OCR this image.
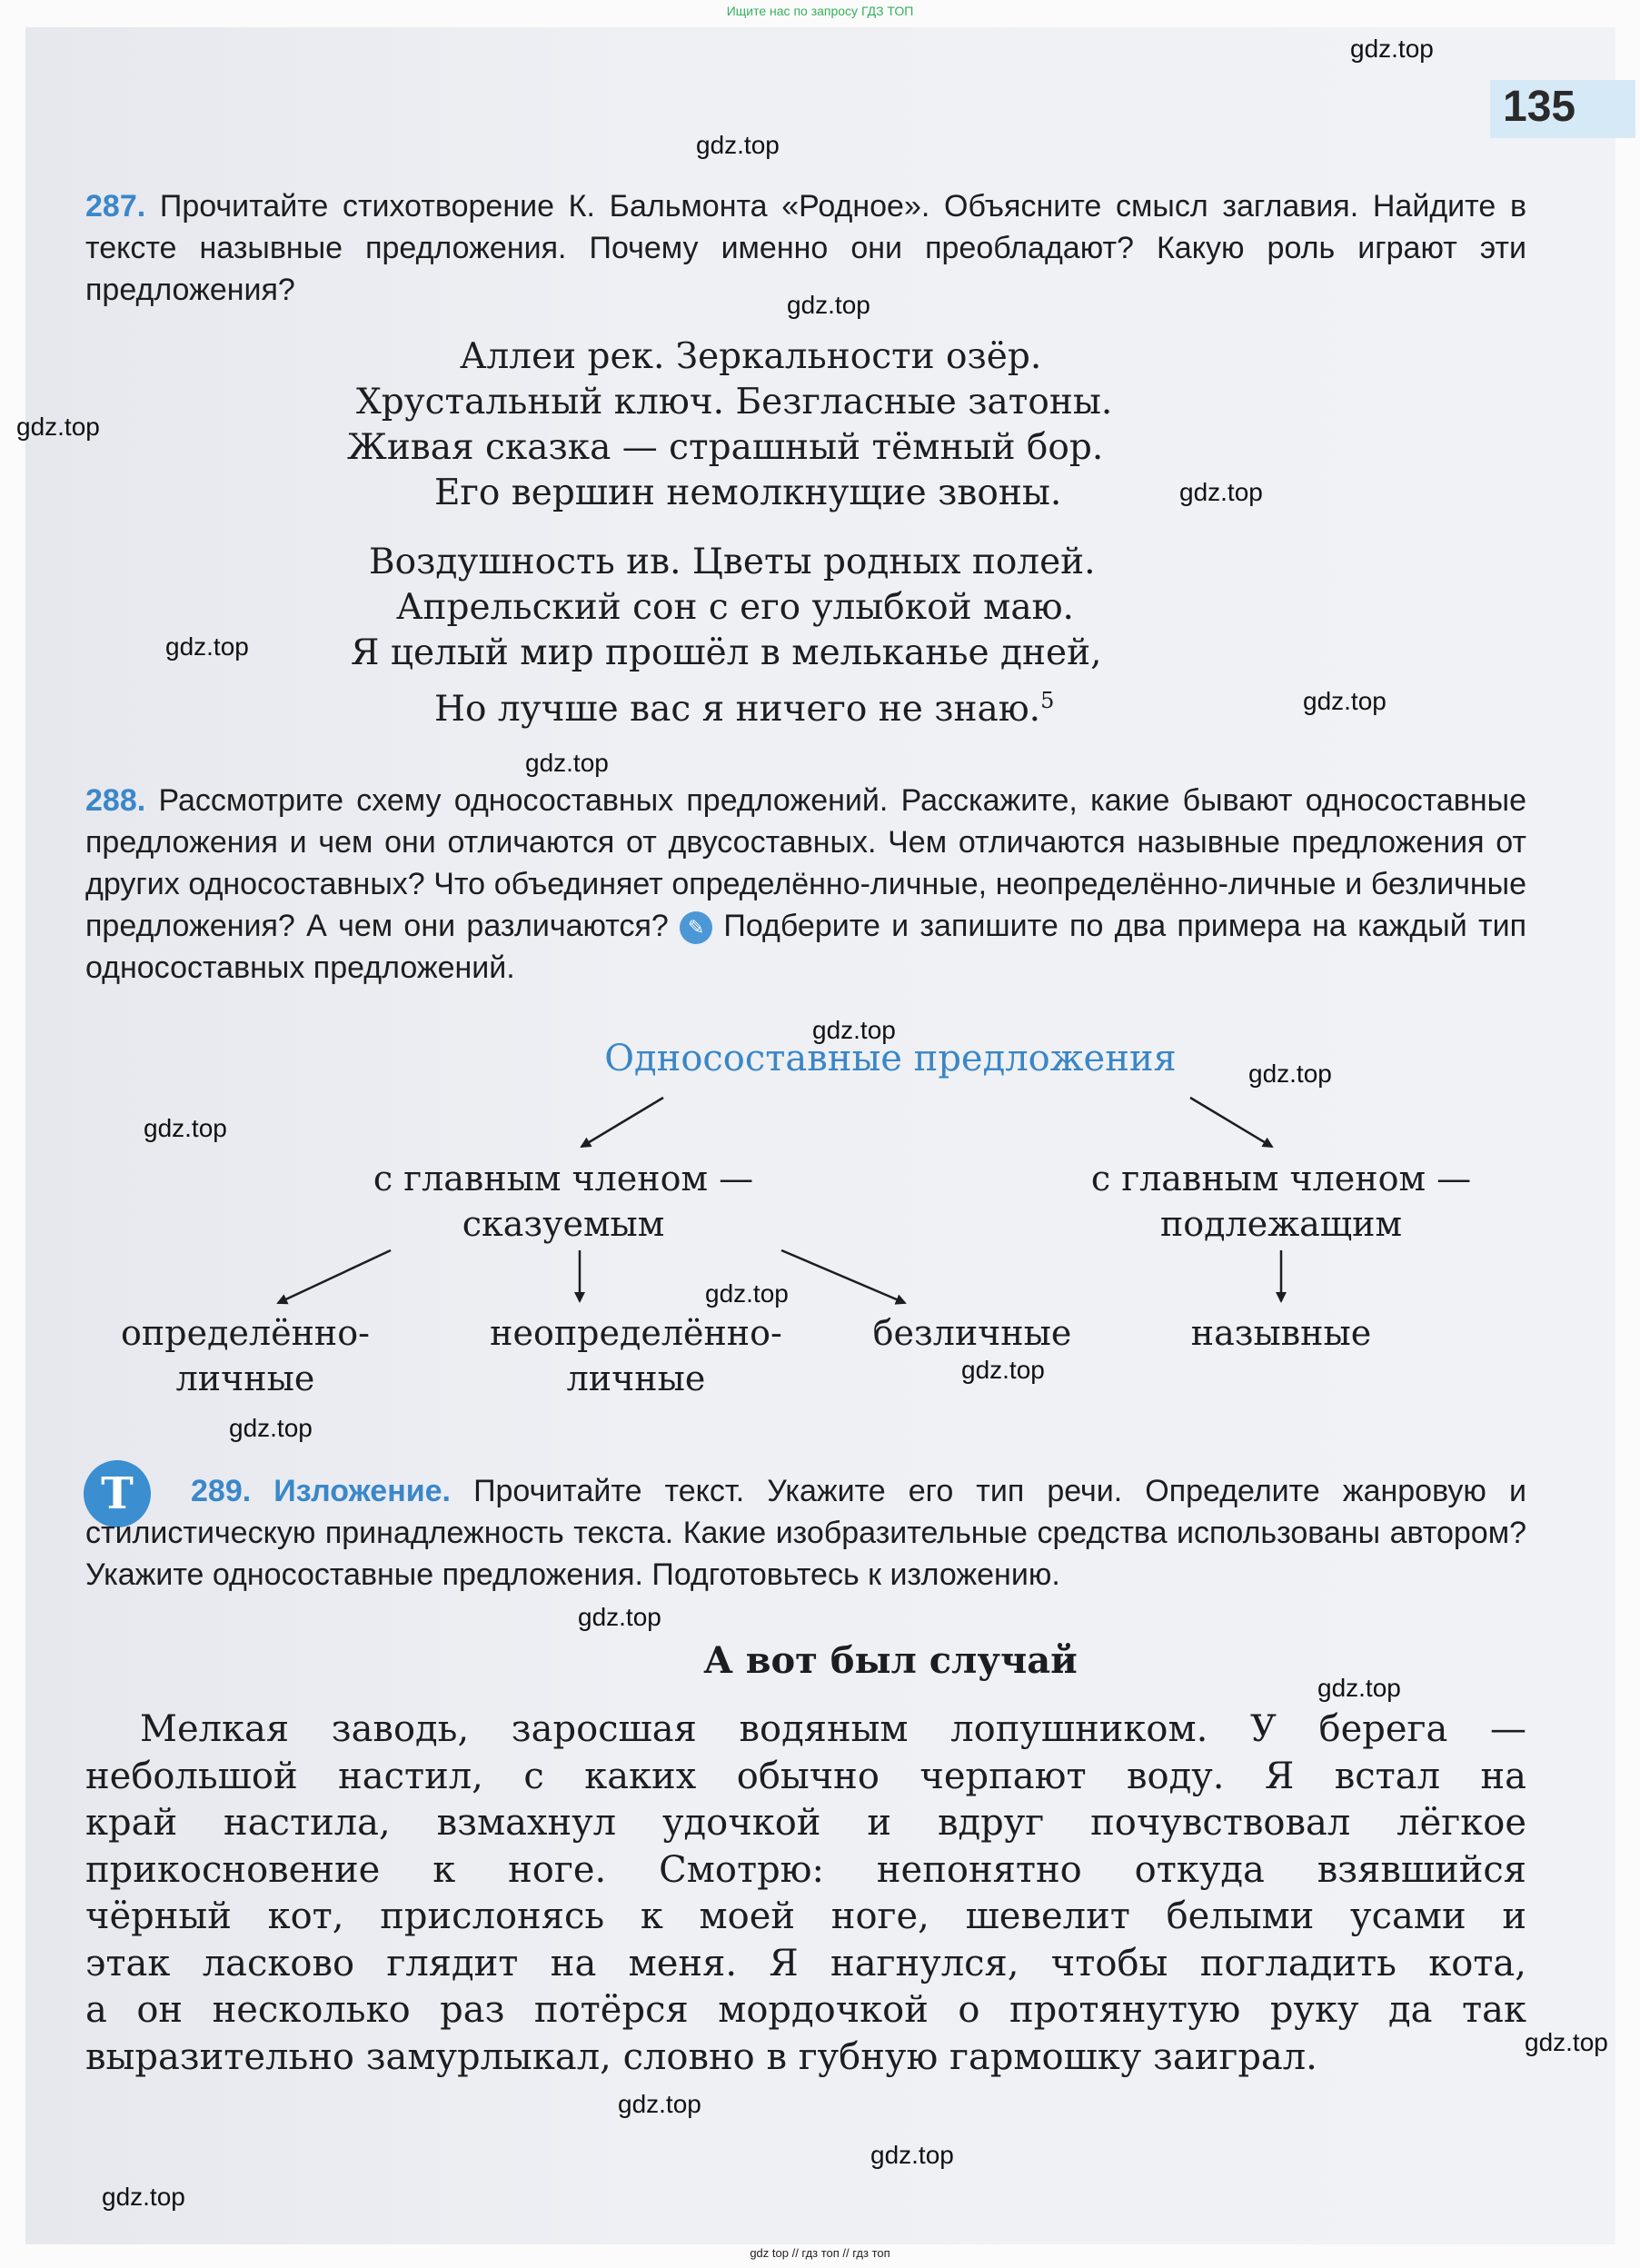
Ищите нас по запросу ГДЗ ТОП
135
gdz.top
gdz.top
gdz.top
gdz.top
gdz.top
gdz.top
gdz.top
gdz.top
gdz.top
gdz.top
gdz.top
gdz.top
gdz.top
gdz.top
gdz.top
gdz.top
gdz.top
gdz.top
gdz.top
gdz.top
287. Прочитайте стихотворение К. Бальмонта «Родное». Объясните смысл заглавия. Найдите в тексте назывные предложения. Почему именно они преобладают? Какую роль играют эти предложения?
Аллеи рек. Зеркальности озёр.
Хрустальный ключ. Безгласные затоны.
Живая сказка — страшный тёмный бор.
Его вершин немолкнущие звоны.
Воздушность ив. Цветы родных полей.
Апрельский сон с его улыбкой маю.
Я целый мир прошёл в мельканье дней,
Но лучше вас я ничего не знаю.$^5$
288. Рассмотрите схему односоставных предложений. Расскажите, какие бывают односоставные предложения и чем они отличаются от двусоставных. Чем отличаются назывные предложения от других односоставных? Что объединяет определённо-личные, неопределённо-личные и безличные предложения? А чем они различаются? ✎ Подберите и запишите по два примера на каждый тип односоставных предложений.
Односоставные предложения
с главным членом —
сказуемым
с главным членом —
подлежащим
определённо-
личные
неопределённо-
личные
безличные	назывные
Т	289. Изложение. Прочитайте текст. Укажите его тип речи. Определите жанровую и стилистическую принадлежность текста. Какие изобразительные средства использованы автором? Укажите односоставные предложения. Подготовьтесь к изложению.
А вот был случай
Мелкая заводь, заросшая водяным лопушником. У берега —
небольшой настил, с каких обычно черпают воду. Я встал на
край настила, взмахнул удочкой и вдруг почувствовал лёгкое
прикосновение к ноге. Смотрю: непонятно откуда взявшийся
чёрный кот, прислонясь к моей ноге, шевелит белыми усами и
этак ласково глядит на меня. Я нагнулся, чтобы погладить кота,
а он несколько раз потёрся мордочкой о протянутую руку да так
выразительно замурлыкал, словно в губную гармошку заиграл.
gdz top // гдз топ // гдз топ
